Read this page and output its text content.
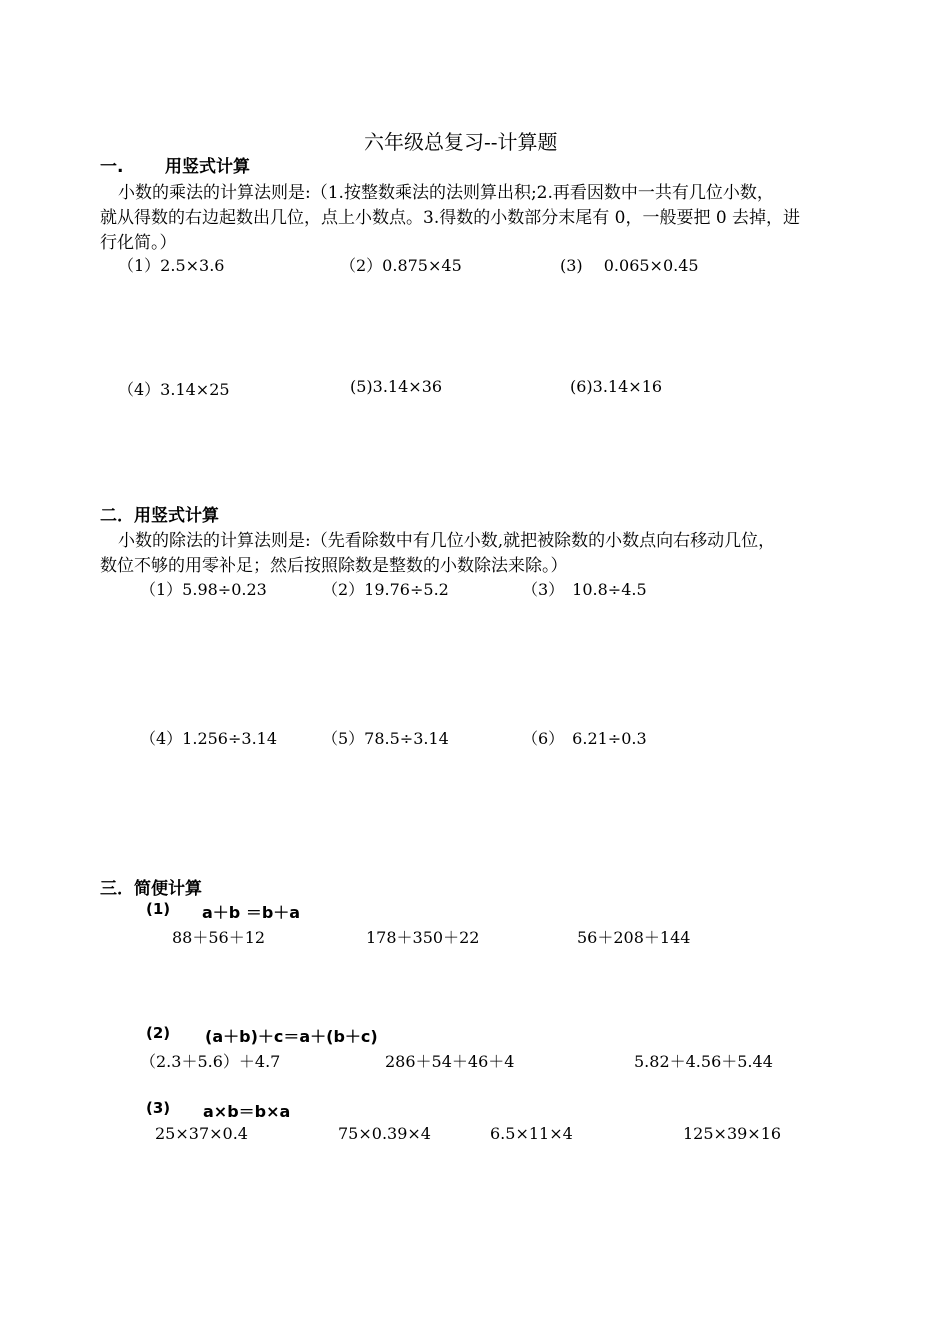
六年级总复习--计算题
一. 用竖式计算
小数的乘法的计算法则是:（1.按整数乘法的法则算出积;2.再看因数中一共有几位小数，
就从得数的右边起数出几位，点上小数点。3.得数的小数部分末尾有 0，一般要把 0 去掉，进
行化简。）
（1）2.5×3.6	（2）0.875×45	(3)　 0.065×0.45
（4）3.14×25	(5)3.14×36	(6)3.14×16
二．用竖式计算
小数的除法的计算法则是:（先看除数中有几位小数,就把被除数的小数点向右移动几位，
数位不够的用零补足；然后按照除数是整数的小数除法来除。）
（1）5.98÷0.23	（2）19.76÷5.2	（3）　10.8÷4.5
（4）1.256÷3.14	（5）78.5÷3.14	（6）　6.21÷0.3
三．简便计算
(1) a＋b ＝b＋a
88＋56＋12	178＋350＋22	56＋208＋144
(2) (a＋b)＋c＝a＋(b＋c)
（2.3＋5.6）＋4.7	286＋54＋46＋4	5.82＋4.56＋5.44
(3) a×b＝b×a
25×37×0.4	75×0.39×4	6.5×11×4	125×39×16
